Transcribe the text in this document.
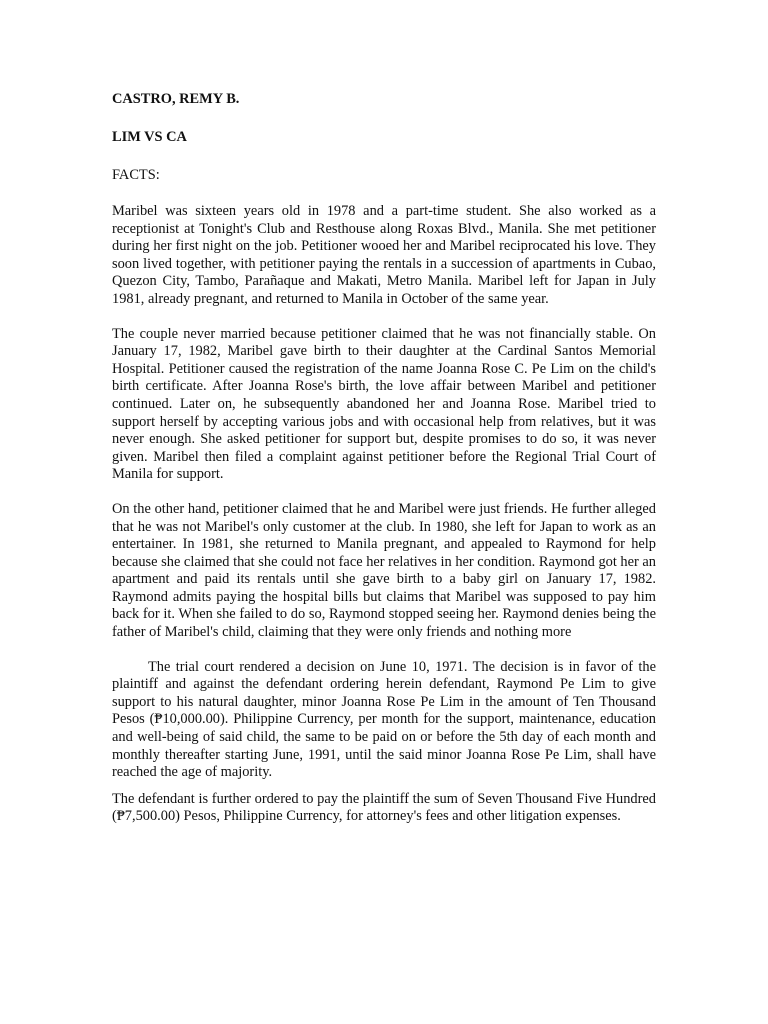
CASTRO, REMY B.

LIM VS CA

FACTS:

Maribel was sixteen years old in 1978 and a part-time student. She also worked as a receptionist at Tonight's Club and Resthouse along Roxas Blvd., Manila. She met petitioner during her first night on the job. Petitioner wooed her and Maribel reciprocated his love. They soon lived together, with petitioner paying the rentals in a succession of apartments in Cubao, Quezon City, Tambo, Parañaque and Makati, Metro Manila. Maribel left for Japan in July 1981, already pregnant, and returned to Manila in October of the same year.

The couple never married because petitioner claimed that he was not financially stable. On January 17, 1982, Maribel gave birth to their daughter at the Cardinal Santos Memorial Hospital. Petitioner caused the registration of the name Joanna Rose C. Pe Lim on the child's birth certificate. After Joanna Rose's birth, the love affair between Maribel and petitioner continued. Later on, he subsequently abandoned her and Joanna Rose. Maribel tried to support herself by accepting various jobs and with occasional help from relatives, but it was never enough. She asked petitioner for support but, despite promises to do so, it was never given. Maribel then filed a complaint against petitioner before the Regional Trial Court of Manila for support.

On the other hand, petitioner claimed that he and Maribel were just friends. He further alleged that he was not Maribel's only customer at the club. In 1980, she left for Japan to work as an entertainer. In 1981, she returned to Manila pregnant, and appealed to Raymond for help because she claimed that she could not face her relatives in her condition. Raymond got her an apartment and paid its rentals until she gave birth to a baby girl on January 17, 1982. Raymond admits paying the hospital bills but claims that Maribel was supposed to pay him back for it. When she failed to do so, Raymond stopped seeing her. Raymond denies being the father of Maribel's child, claiming that they were only friends and nothing more

The trial court rendered a decision on June 10, 1971. The decision is in favor of the plaintiff and against the defendant ordering herein defendant, Raymond Pe Lim to give support to his natural daughter, minor Joanna Rose Pe Lim in the amount of Ten Thousand Pesos (₱10,000.00). Philippine Currency, per month for the support, maintenance, education and well-being of said child, the same to be paid on or before the 5th day of each month and monthly thereafter starting June, 1991, until the said minor Joanna Rose Pe Lim, shall have reached the age of majority.

The defendant is further ordered to pay the plaintiff the sum of Seven Thousand Five Hundred (₱7,500.00) Pesos, Philippine Currency, for attorney's fees and other litigation expenses.
